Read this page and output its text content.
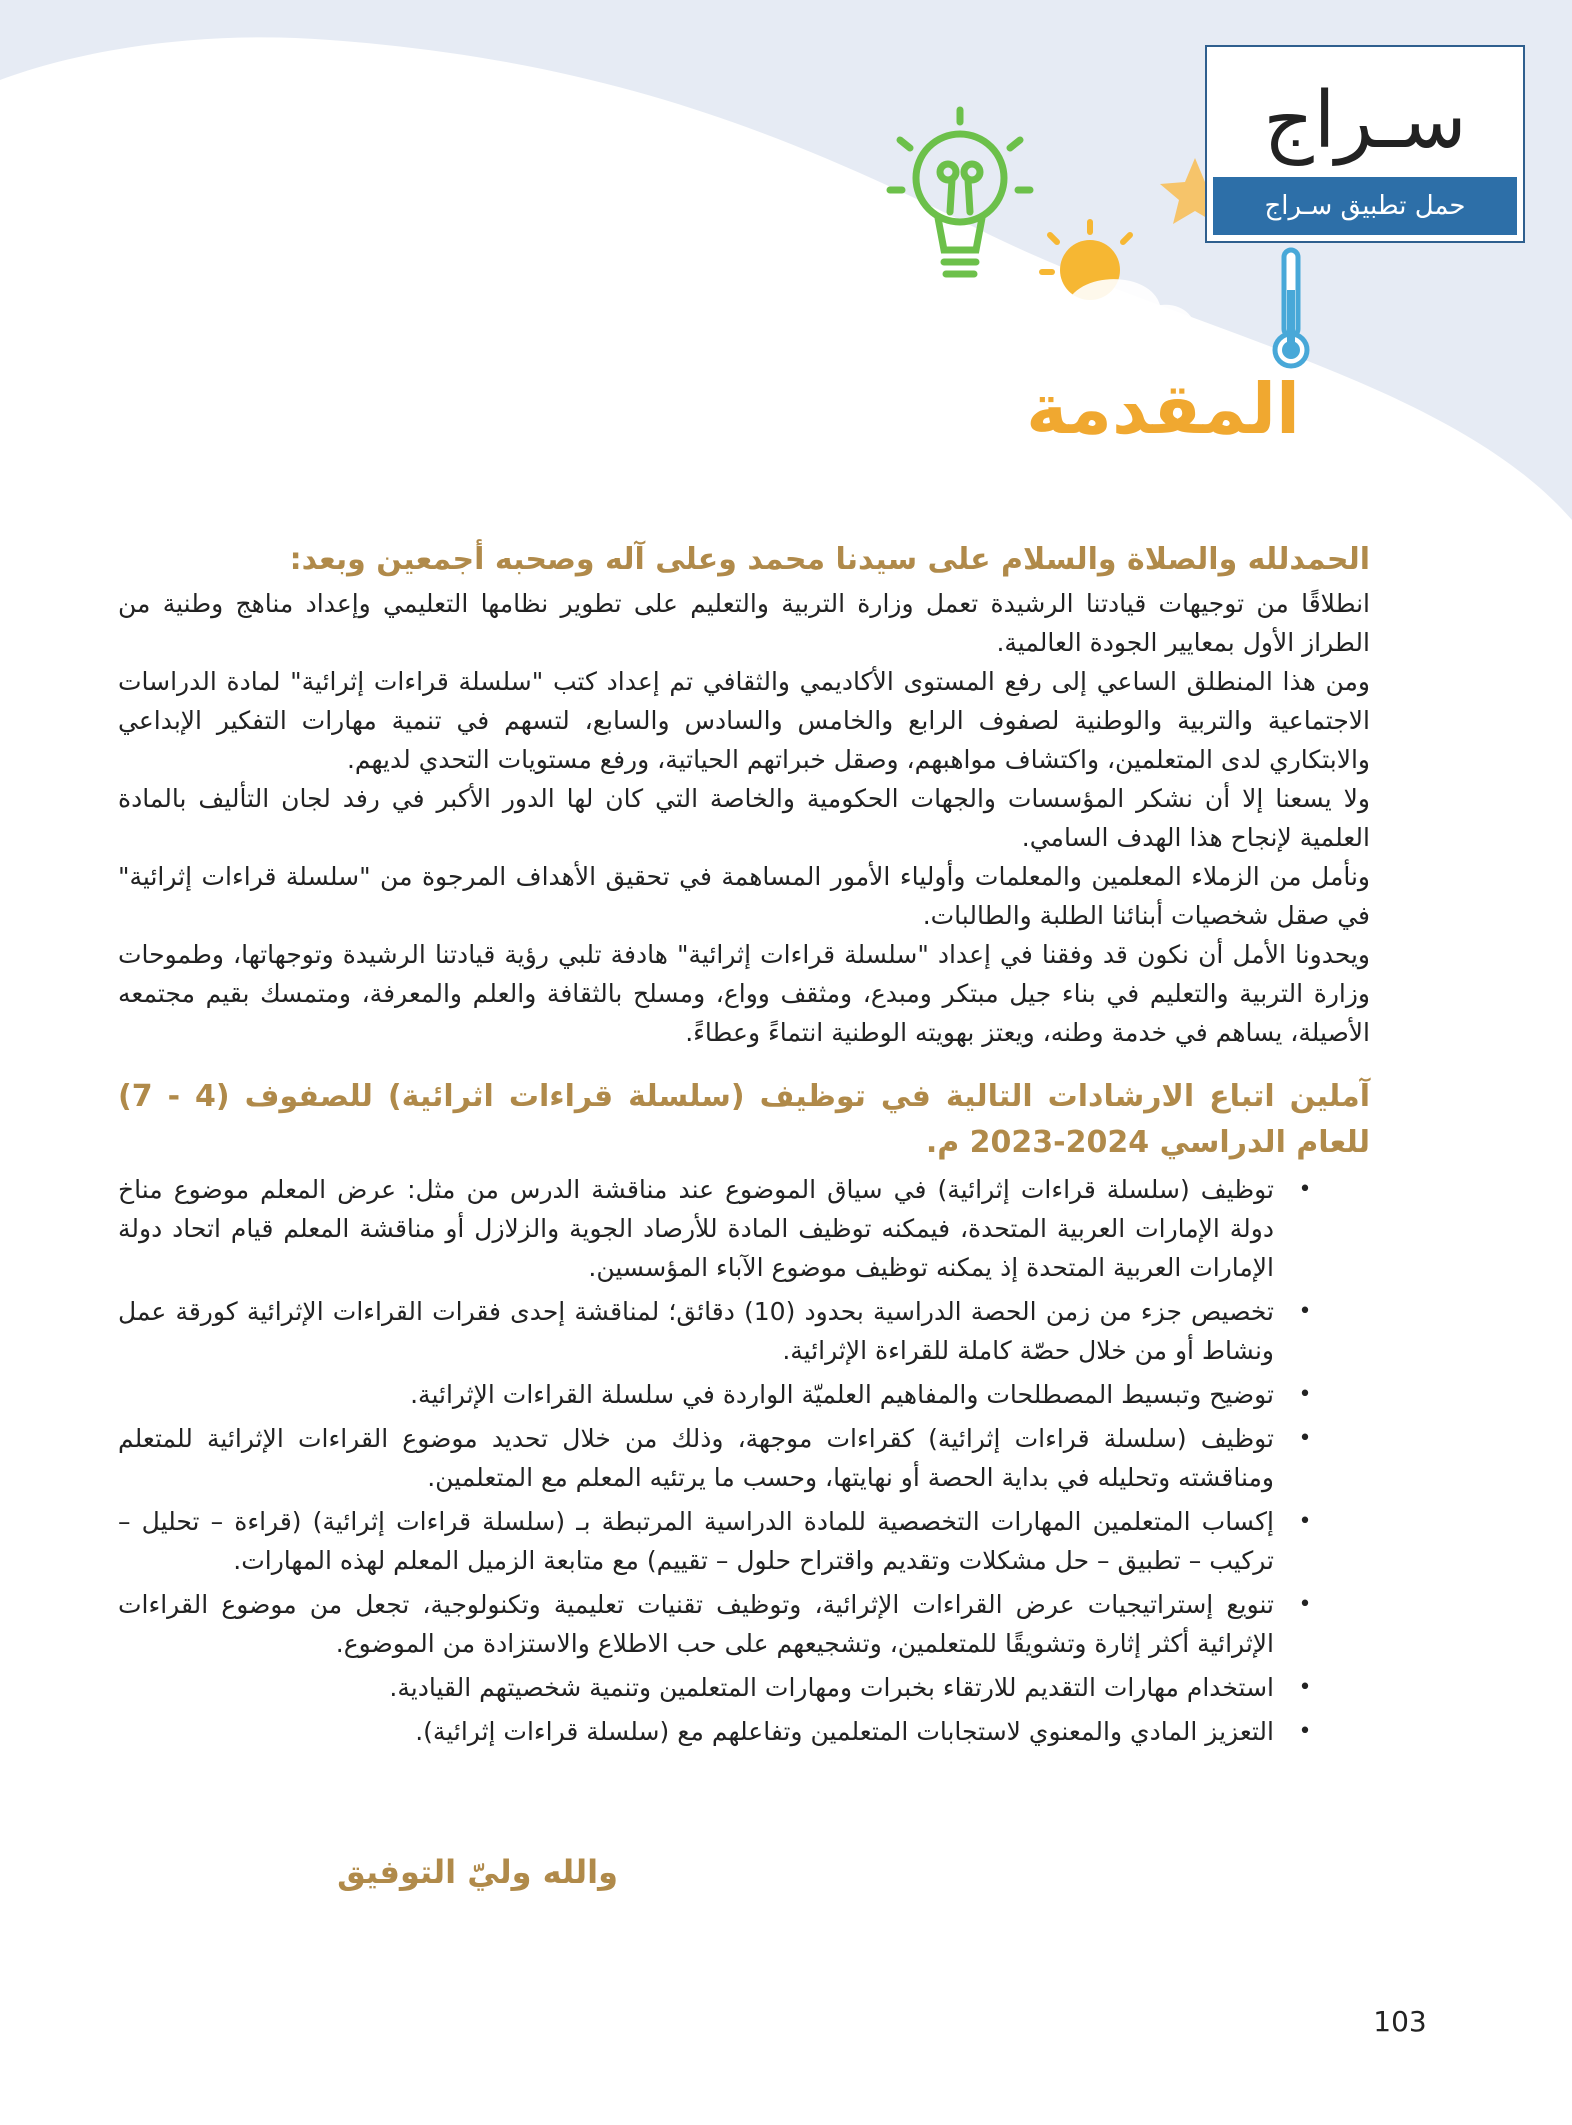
سـراج
حمل تطبيق سـراج
المقدمة
الحمدلله والصلاة والسلام على سيدنا محمد وعلى آله وصحبه أجمعين وبعد:

انطلاقًا من توجيهات قيادتنا الرشيدة تعمل وزارة التربية والتعليم على تطوير نظامها التعليمي وإعداد مناهج وطنية من الطراز الأول بمعايير الجودة العالمية.

ومن هذا المنطلق الساعي إلى رفع المستوى الأكاديمي والثقافي تم إعداد كتب "سلسلة قراءات إثرائية" لمادة الدراسات الاجتماعية والتربية والوطنية لصفوف الرابع والخامس والسادس والسابع، لتسهم في تنمية مهارات التفكير الإبداعي والابتكاري لدى المتعلمين، واكتشاف مواهبهم، وصقل خبراتهم الحياتية، ورفع مستويات التحدي لديهم.

ولا يسعنا إلا أن نشكر المؤسسات والجهات الحكومية والخاصة التي كان لها الدور الأكبر في رفد لجان التأليف بالمادة العلمية لإنجاح هذا الهدف السامي.

ونأمل من الزملاء المعلمين والمعلمات وأولياء الأمور المساهمة في تحقيق الأهداف المرجوة من "سلسلة قراءات إثرائية" في صقل شخصيات أبنائنا الطلبة والطالبات.

ويحدونا الأمل أن نكون قد وفقنا في إعداد "سلسلة قراءات إثرائية" هادفة تلبي رؤية قيادتنا الرشيدة وتوجهاتها، وطموحات وزارة التربية والتعليم في بناء جيل مبتكر ومبدع، ومثقف وواع، ومسلح بالثقافة والعلم والمعرفة، ومتمسك بقيم مجتمعه الأصيلة، يساهم في خدمة وطنه، ويعتز بهويته الوطنية انتماءً وعطاءً.

آملين اتباع الارشادات التالية في توظيف (سلسلة قراءات اثرائية) للصفوف (4 - 7) للعام الدراسي 2024-2023 م.
•
توظيف (سلسلة قراءات إثرائية) في سياق الموضوع عند مناقشة الدرس من مثل: عرض المعلم موضوع مناخ دولة الإمارات العربية المتحدة، فيمكنه توظيف المادة للأرصاد الجوية والزلازل أو مناقشة المعلم قيام اتحاد دولة الإمارات العربية المتحدة إذ يمكنه توظيف موضوع الآباء المؤسسين.
•
تخصيص جزء من زمن الحصة الدراسية بحدود (10) دقائق؛ لمناقشة إحدى فقرات القراءات الإثرائية كورقة عمل ونشاط أو من خلال حصّة كاملة للقراءة الإثرائية.
•
توضيح وتبسيط المصطلحات والمفاهيم العلميّة الواردة في سلسلة القراءات الإثرائية.
•
توظيف (سلسلة قراءات إثرائية) كقراءات موجهة، وذلك من خلال تحديد موضوع القراءات الإثرائية للمتعلم ومناقشته وتحليله في بداية الحصة أو نهايتها، وحسب ما يرتئيه المعلم مع المتعلمين.
•
إكساب المتعلمين المهارات التخصصية للمادة الدراسية المرتبطة بـ (سلسلة قراءات إثرائية) (قراءة – تحليل – تركيب – تطبيق – حل مشكلات وتقديم واقتراح حلول – تقييم) مع متابعة الزميل المعلم لهذه المهارات.
•
تنويع إستراتيجيات عرض القراءات الإثرائية، وتوظيف تقنيات تعليمية وتكنولوجية، تجعل من موضوع القراءات الإثرائية أكثر إثارة وتشويقًا للمتعلمين، وتشجيعهم على حب الاطلاع والاستزادة من الموضوع.
•
استخدام مهارات التقديم للارتقاء بخبرات ومهارات المتعلمين وتنمية شخصيتهم القيادية.
•
التعزيز المادي والمعنوي لاستجابات المتعلمين وتفاعلهم مع (سلسلة قراءات إثرائية).

والله وليّ التوفيق

103
